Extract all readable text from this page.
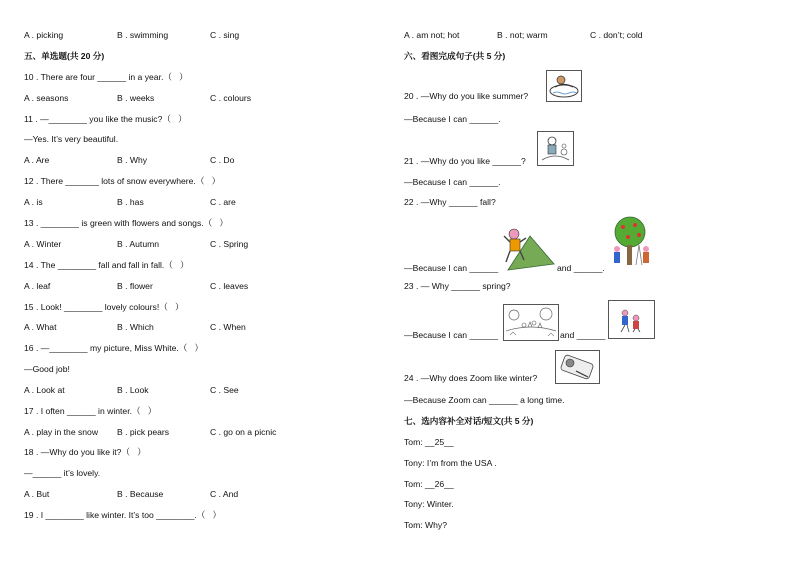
A . picking	B . swimming	C . sing
五、单选题(共 20 分)
10 . There are four ______ in a year.（   ）
A . seasons	B . weeks	C . colours
11 . —________ you like the music?（   ）
—Yes. It’s very beautiful.
A . Are	B . Why	C . Do
12 . There _______ lots of snow everywhere.（   ）
A . is	B . has	C . are
13 . ________ is green with flowers and songs.（   ）
A . Winter	B . Autumn	C . Spring
14 . The ________ fall and fall in fall.（   ）
A . leaf	B . flower	C . leaves
15 . Look! ________ lovely colours!（   ）
A . What	B . Which	C . When
16 . —________ my picture, Miss White.（   ）
—Good job!
A . Look at	B . Look	C . See
17 . I often ______ in winter.（   ）
A . play in the snow B . pick pears	C . go on a picnic
18 . —Why do you like it?（   ）
—______ it’s lovely.
A . But	B . Because	C . And
19 . I ________ like winter. It’s too ________.（   ）
A . am not; hot	B . not; warm	C . don’t; cold
六、看图完成句子(共 5 分)
20 . —Why do you like summer?
—Because I can ______.
21 . —Why do you like ______?
—Because I can ______.
22 . —Why ______ fall?
—Because I can ______	and ______.
23 . — Why ______ spring?
—Because I can ______	and ______
24 . —Why does Zoom like winter?
—Because Zoom can ______ a long time.
七、选内容补全对话/短文(共 5 分)
Tom: __25__
Tony: I’m from the USA .
Tom: __26__
Tony: Winter.
Tom: Why?
